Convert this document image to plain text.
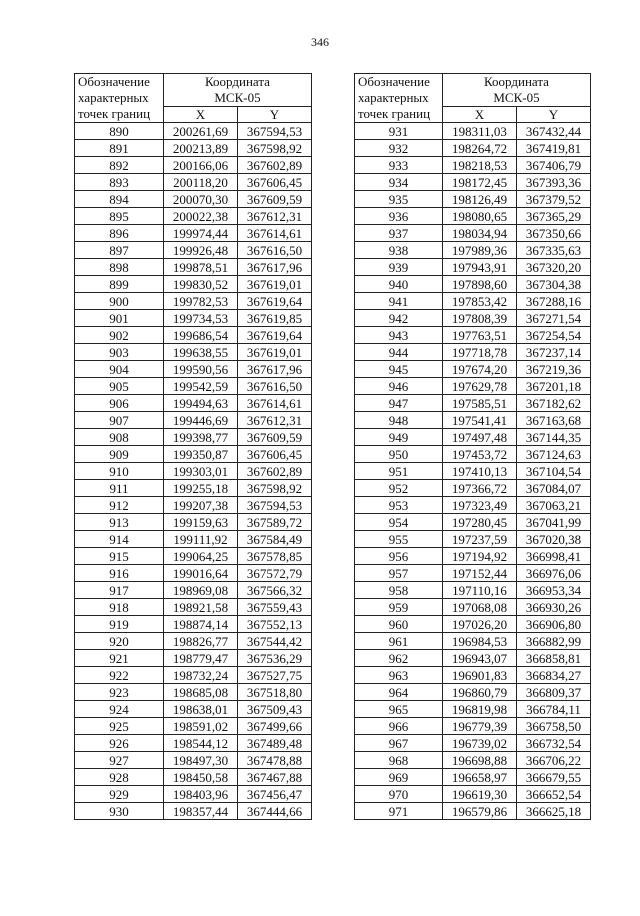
346
Обозначение
характерных
точек границ	Координата
МСК-05	

	X	Y
890	200261,69	367594,53
891	200213,89	367598,92
892	200166,06	367602,89
893	200118,20	367606,45
894	200070,30	367609,59
895	200022,38	367612,31
896	199974,44	367614,61
897	199926,48	367616,50
898	199878,51	367617,96
899	199830,52	367619,01
900	199782,53	367619,64
901	199734,53	367619,85
902	199686,54	367619,64
903	199638,55	367619,01
904	199590,56	367617,96
905	199542,59	367616,50
906	199494,63	367614,61
907	199446,69	367612,31
908	199398,77	367609,59
909	199350,87	367606,45
910	199303,01	367602,89
911	199255,18	367598,92
912	199207,38	367594,53
913	199159,63	367589,72
914	199111,92	367584,49
915	199064,25	367578,85
916	199016,64	367572,79
917	198969,08	367566,32
918	198921,58	367559,43
919	198874,14	367552,13
920	198826,77	367544,42
921	198779,47	367536,29
922	198732,24	367527,75
923	198685,08	367518,80
924	198638,01	367509,43
925	198591,02	367499,66
926	198544,12	367489,48
927	198497,30	367478,88
928	198450,58	367467,88
929	198403,96	367456,47
930	198357,44	367444,66
Обозначение
характерных
точек границ	Координата
МСК-05	

	X	Y
931	198311,03	367432,44
932	198264,72	367419,81
933	198218,53	367406,79
934	198172,45	367393,36
935	198126,49	367379,52
936	198080,65	367365,29
937	198034,94	367350,66
938	197989,36	367335,63
939	197943,91	367320,20
940	197898,60	367304,38
941	197853,42	367288,16
942	197808,39	367271,54
943	197763,51	367254,54
944	197718,78	367237,14
945	197674,20	367219,36
946	197629,78	367201,18
947	197585,51	367182,62
948	197541,41	367163,68
949	197497,48	367144,35
950	197453,72	367124,63
951	197410,13	367104,54
952	197366,72	367084,07
953	197323,49	367063,21
954	197280,45	367041,99
955	197237,59	367020,38
956	197194,92	366998,41
957	197152,44	366976,06
958	197110,16	366953,34
959	197068,08	366930,26
960	197026,20	366906,80
961	196984,53	366882,99
962	196943,07	366858,81
963	196901,83	366834,27
964	196860,79	366809,37
965	196819,98	366784,11
966	196779,39	366758,50
967	196739,02	366732,54
968	196698,88	366706,22
969	196658,97	366679,55
970	196619,30	366652,54
971	196579,86	366625,18
